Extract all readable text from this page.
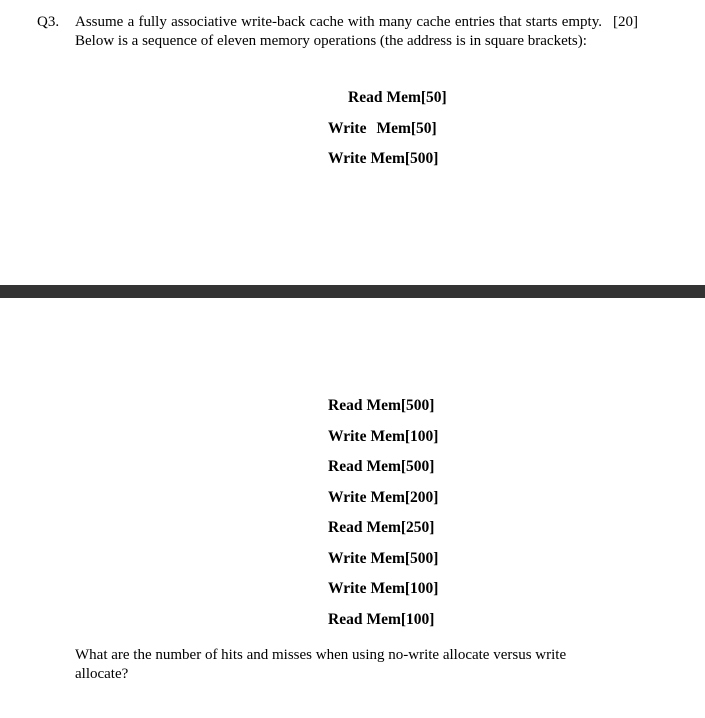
Q3. Assume a fully associative write-back cache with many cache entries that starts empty. Below is a sequence of eleven memory operations (the address is in square brackets):
[20]
Read Mem[50]
Write Mem[50]
Write Mem[500]
Read Mem[500]
Write Mem[100]
Read Mem[500]
Write Mem[200]
Read Mem[250]
Write Mem[500]
Write Mem[100]
Read Mem[100]
What are the number of hits and misses when using no-write allocate versus write allocate?
